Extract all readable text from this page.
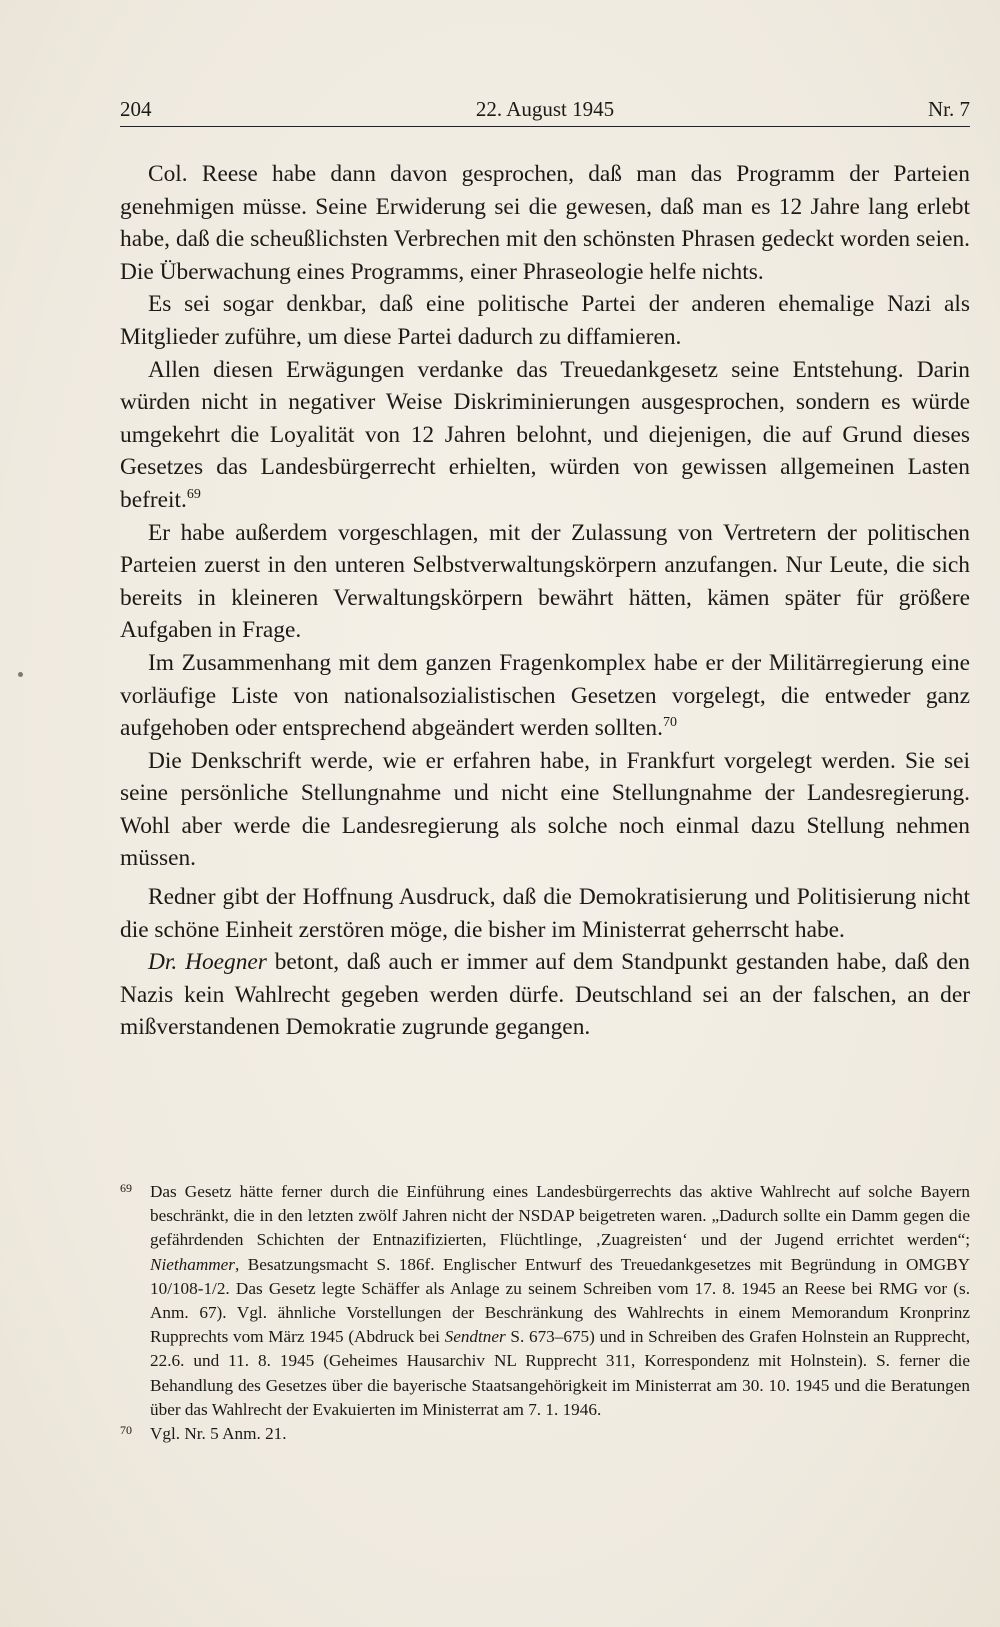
204	22. August 1945	Nr. 7

Col. Reese habe dann davon gesprochen, daß man das Programm der Parteien genehmigen müsse. Seine Erwiderung sei die gewesen, daß man es 12 Jahre lang erlebt habe, daß die scheußlichsten Verbrechen mit den schönsten Phrasen gedeckt worden seien. Die Überwachung eines Programms, einer Phraseologie helfe nichts.

Es sei sogar denkbar, daß eine politische Partei der anderen ehemalige Nazi als Mitglieder zuführe, um diese Partei dadurch zu diffamieren.

Allen diesen Erwägungen verdanke das Treuedankgesetz seine Entstehung. Darin würden nicht in negativer Weise Diskriminierungen ausgesprochen, sondern es würde umgekehrt die Loyalität von 12 Jahren belohnt, und diejenigen, die auf Grund dieses Gesetzes das Landesbürgerrecht erhielten, würden von gewissen allgemeinen Lasten befreit.$^{69}$

Er habe außerdem vorgeschlagen, mit der Zulassung von Vertretern der politischen Parteien zuerst in den unteren Selbstverwaltungskörpern anzufangen. Nur Leute, die sich bereits in kleineren Verwaltungskörpern bewährt hätten, kämen später für größere Aufgaben in Frage.

Im Zusammenhang mit dem ganzen Fragenkomplex habe er der Militärregierung eine vorläufige Liste von nationalsozialistischen Gesetzen vorgelegt, die entweder ganz aufgehoben oder entsprechend abgeändert werden sollten.$^{70}$

Die Denkschrift werde, wie er erfahren habe, in Frankfurt vorgelegt werden. Sie sei seine persönliche Stellungnahme und nicht eine Stellungnahme der Landesregierung. Wohl aber werde die Landesregierung als solche noch einmal dazu Stellung nehmen müssen.

Redner gibt der Hoffnung Ausdruck, daß die Demokratisierung und Politisierung nicht die schöne Einheit zerstören möge, die bisher im Ministerrat geherrscht habe.

Dr. Hoegner betont, daß auch er immer auf dem Standpunkt gestanden habe, daß den Nazis kein Wahlrecht gegeben werden dürfe. Deutschland sei an der falschen, an der mißverstandenen Demokratie zugrunde gegangen.

69 Das Gesetz hätte ferner durch die Einführung eines Landesbürgerrechts das aktive Wahlrecht auf solche Bayern beschränkt, die in den letzten zwölf Jahren nicht der NSDAP beigetreten waren. „Dadurch sollte ein Damm gegen die gefährdenden Schichten der Entnazifizierten, Flüchtlinge, ‚Zuagreisten‘ und der Jugend errichtet werden“; Niethammer, Besatzungsmacht S. 186f. Englischer Entwurf des Treuedankgesetzes mit Begründung in OMGBY 10/108-1/2. Das Gesetz legte Schäffer als Anlage zu seinem Schreiben vom 17. 8. 1945 an Reese bei RMG vor (s. Anm. 67). Vgl. ähnliche Vorstellungen der Beschränkung des Wahlrechts in einem Memorandum Kronprinz Rupprechts vom März 1945 (Abdruck bei Sendtner S. 673–675) und in Schreiben des Grafen Holnstein an Rupprecht, 22.6. und 11. 8. 1945 (Geheimes Hausarchiv NL Rupprecht 311, Korrespondenz mit Holnstein). S. ferner die Behandlung des Gesetzes über die bayerische Staatsangehörigkeit im Ministerrat am 30. 10. 1945 und die Beratungen über das Wahlrecht der Evakuierten im Ministerrat am 7. 1. 1946.

70 Vgl. Nr. 5 Anm. 21.
